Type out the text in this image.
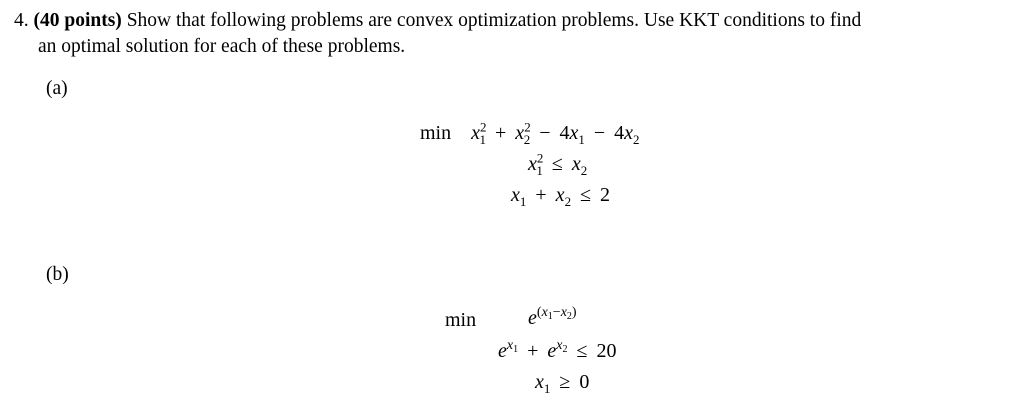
4. (40 points) Show that following problems are convex optimization problems. Use KKT conditions to find
an optimal solution for each of these problems.
(a)
$\min x^2_1 + x^2_2 - 4x_1 - 4x_2$
$x^2_1 \le x_2$
$x_1 + x_2 \le 2$
(b)
min	$e^{(x_1-x_2)}$
$e^{x_1} + e^{x_2} \le 20$
$x_1 \ge 0$
